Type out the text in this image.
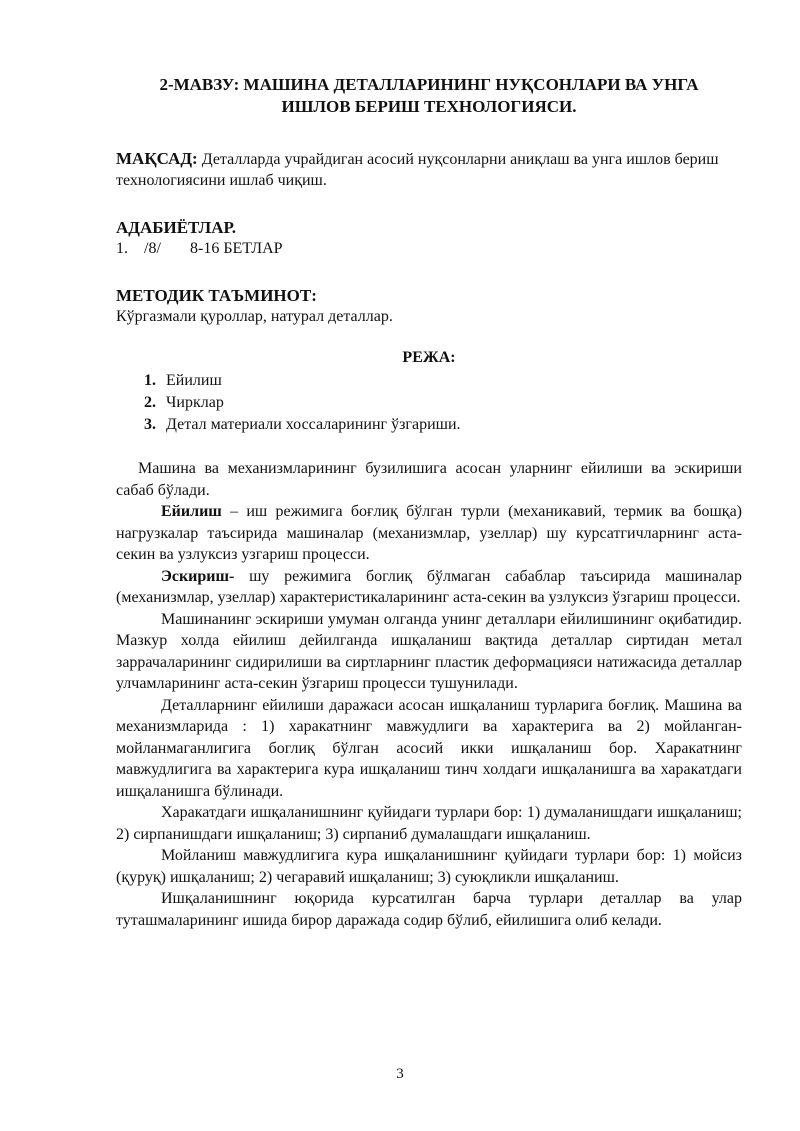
2-МАВЗУ: МАШИНА ДЕТАЛЛАРИНИНГ НУҚСОНЛАРИ ВА УНГА
ИШЛОВ БЕРИШ ТЕХНОЛОГИЯСИ.
МАҚСАД: Деталларда учрайдиган асосий нуқсонларни аниқлаш ва унга ишлов бериш технологиясини ишлаб чиқиш.
АДАБИЁТЛАР.
1. /8/ 8-16 БЕТЛАР
МЕТОДИК ТАЪМИНОТ:
Кўргазмали қуроллар, натурал деталлар.
РЕЖА:
1. Ейилиш
2. Чирклар
3. Детал материали хоссаларининг ўзгариши.

Машина ва механизмларининг бузилишига асосан уларнинг ейилиши ва эскириши сабаб бўлади.

Ейилиш – иш режимига боғлиқ бўлган турли (механикавий, термик ва бошқа) нагрузкалар таъсирида машиналар (механизмлар, узеллар) шу курсатгичларнинг аста-секин ва узлуксиз узгариш процесси.

Эскириш- шу режимига боглиқ бўлмаган сабаблар таъсирида машиналар (механизмлар, узеллар) характеристикаларининг аста-секин ва узлуксиз ўзгариш процесси.

Машинанинг эскириши умуман олганда унинг деталлари ейилишининг оқибатидир. Мазкур холда ейилиш дейилганда ишқаланиш вақтида деталлар сиртидан метал заррачаларининг сидирилиши ва сиртларнинг пластик деформацияси натижасида деталлар улчамларининг аста-секин ўзгариш процесси тушунилади.

Деталларнинг ейилиши даражаси асосан ишқаланиш турларига боғлиқ. Машина ва механизмларида : 1) харакатнинг мавжудлиги ва характерига ва 2) мойланган-мойланмаганлигига боглиқ бўлган асосий икки ишқаланиш бор. Харакатнинг мавжудлигига ва характерига кура ишқаланиш тинч холдаги ишқаланишга ва харакатдаги ишқаланишга бўлинади.

Харакатдаги ишқаланишнинг қуйидаги турлари бор: 1) думаланишдаги ишқаланиш; 2) сирпанишдаги ишқаланиш; 3) сирпаниб думалашдаги ишқаланиш.

Мойланиш мавжудлигига кура ишқаланишнинг қуйидаги турлари бор: 1) мойсиз (қуруқ) ишқаланиш; 2) чегаравий ишқаланиш; 3) суюқликли ишқаланиш.

Ишқаланишнинг юқорида курсатилган барча турлари деталлар ва улар туташмаларининг ишида бирор даражада содир бўлиб, ейилишига олиб келади.

3
